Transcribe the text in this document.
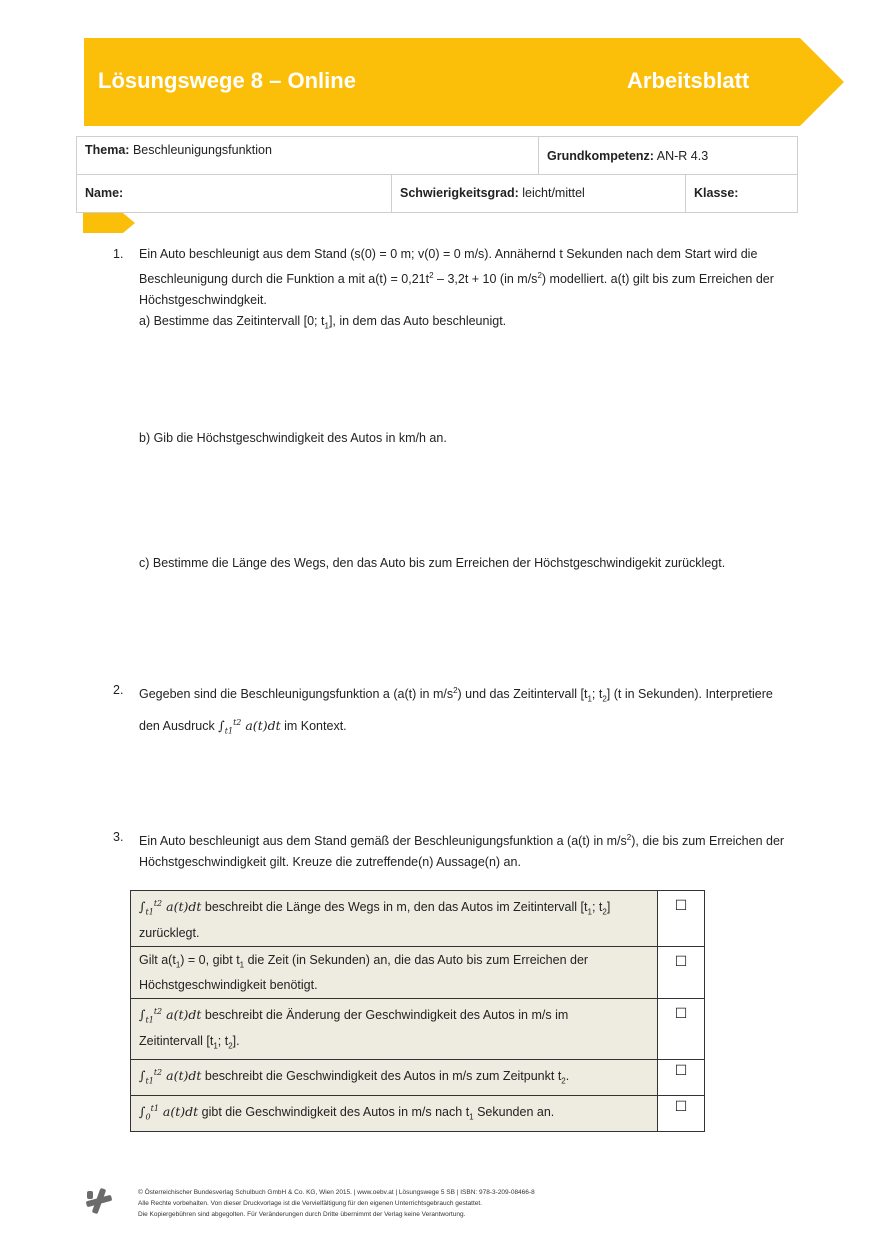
Lösungswege 8 – Online	Arbeitsblatt
Thema: Beschleunigungsfunktion		Grundkompetenz: AN-R 4.3	
Name:	Schwierigkeitsgrad: leicht/mittel		Klasse:
1. Ein Auto beschleunigt aus dem Stand (s(0) = 0 m; v(0) = 0 m/s). Annähernd t Sekunden nach dem Start wird die
Beschleunigung durch die Funktion a mit $a(t) = 0,21t^2 - 3,2t + 10$ (in $m/s^2$) modelliert. a(t) gilt bis zum Erreichen der
Höchstgeschwindgkeit.
a) Bestimme das Zeitintervall [0; $t_1$], in dem das Auto beschleunigt.
b) Gib die Höchstgeschwindigkeit des Autos in km/h an.
c) Bestimme die Länge des Wegs, den das Auto bis zum Erreichen der Höchstgeschwindigekit zurücklegt.
2. Gegeben sind die Beschleunigungsfunktion a (a(t) in $m/s^2$) und das Zeitintervall [$t_1$; $t_2$] (t in Sekunden). Interpretiere
den Ausdruck $\int_{t1}^{t2}$ a(t)dt im Kontext.
3. Ein Auto beschleunigt aus dem Stand gemäß der Beschleunigungsfunktion a (a(t) in $m/s^2$), die bis zum Erreichen der
Höchstgeschwindigkeit gilt. Kreuze die zutreffende(n) Aussage(n) an.
$\int_{t1}^{t2}$ a(t)dt beschreibt die Länge des Wegs in m, den das Autos im Zeitintervall [$t_1$; $t_2$]
zurücklegt.	☐
Gilt $a(t_1) = 0$, gibt $t_1$ die Zeit (in Sekunden) an, die das Auto bis zum Erreichen der
Höchstgeschwindigkeit benötigt.	☐
$\int_{t1}^{t2}$ a(t)dt beschreibt die Änderung der Geschwindigkeit des Autos in m/s im
Zeitintervall [$t_1$; $t_2$].	☐
$\int_{t1}^{t2}$ a(t)dt beschreibt die Geschwindigkeit des Autos in m/s zum Zeitpunkt $t_2$.	☐
$\int_0^{t1}$ a(t)dt gibt die Geschwindigkeit des Autos in m/s nach $t_1$ Sekunden an.	☐
© Österreichischer Bundesverlag Schulbuch GmbH & Co. KG, Wien 2015. | www.oebv.at | Lösungswege 5 SB | ISBN: 978-3-209-08466-8
Alle Rechte vorbehalten. Von dieser Druckvorlage ist die Vervielfältigung für den eigenen Unterrichtsgebrauch gestattet.
Die Kopiergebühren sind abgegolten. Für Veränderungen durch Dritte übernimmt der Verlag keine Verantwortung.
